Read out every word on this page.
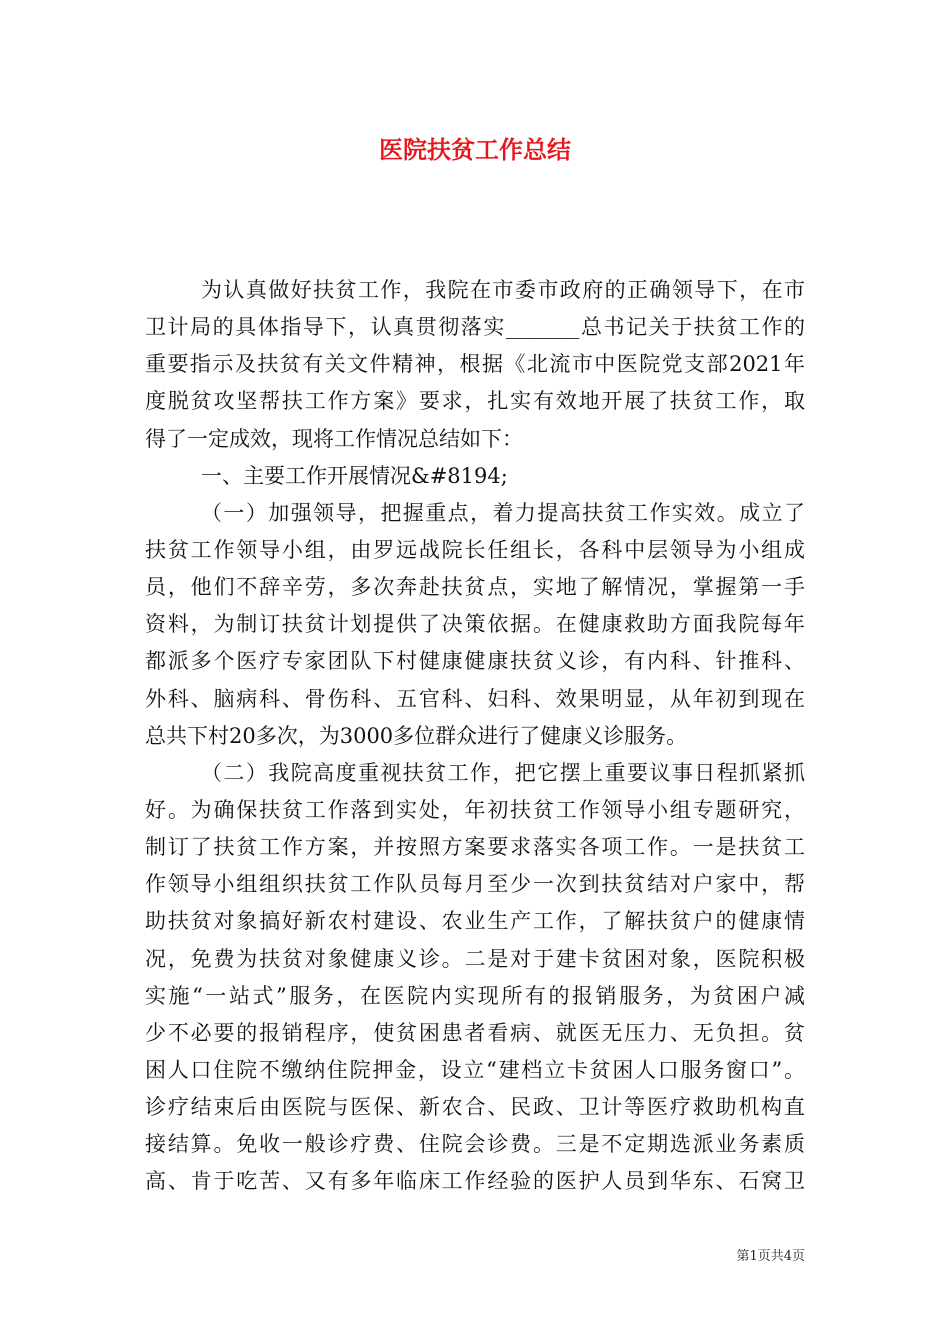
医院扶贫工作总结
为认真做好扶贫工作，我院在市委市政府的正确领导下，在市
卫计局的具体指导下，认真贯彻落实_______总书记关于扶贫工作的
重要指示及扶贫有关文件精神，根据《北流市中医院党支部2021年
度脱贫攻坚帮扶工作方案》要求，扎实有效地开展了扶贫工作，取
得了一定成效，现将工作情况总结如下：
一、主要工作开展情况&#8194;
（一）加强领导，把握重点，着力提高扶贫工作实效。成立了
扶贫工作领导小组，由罗远战院长任组长，各科中层领导为小组成
员，他们不辞辛劳，多次奔赴扶贫点，实地了解情况，掌握第一手
资料，为制订扶贫计划提供了决策依据。在健康救助方面我院每年
都派多个医疗专家团队下村健康健康扶贫义诊，有内科、针推科、
外科、脑病科、骨伤科、五官科、妇科、效果明显，从年初到现在
总共下村20多次，为3000多位群众进行了健康义诊服务。
（二）我院高度重视扶贫工作，把它摆上重要议事日程抓紧抓
好。为确保扶贫工作落到实处，年初扶贫工作领导小组专题研究，
制订了扶贫工作方案，并按照方案要求落实各项工作。一是扶贫工
作领导小组组织扶贫工作队员每月至少一次到扶贫结对户家中，帮
助扶贫对象搞好新农村建设、农业生产工作，了解扶贫户的健康情
况，免费为扶贫对象健康义诊。二是对于建卡贫困对象，医院积极
实施“一站式”服务，在医院内实现所有的报销服务，为贫困户减
少不必要的报销程序，使贫困患者看病、就医无压力、无负担。贫
困人口住院不缴纳住院押金，设立“建档立卡贫困人口服务窗口”。
诊疗结束后由医院与医保、新农合、民政、卫计等医疗救助机构直
接结算。免收一般诊疗费、住院会诊费。三是不定期选派业务素质
高、肯于吃苦、又有多年临床工作经验的医护人员到华东、石窝卫
第1页共4页
